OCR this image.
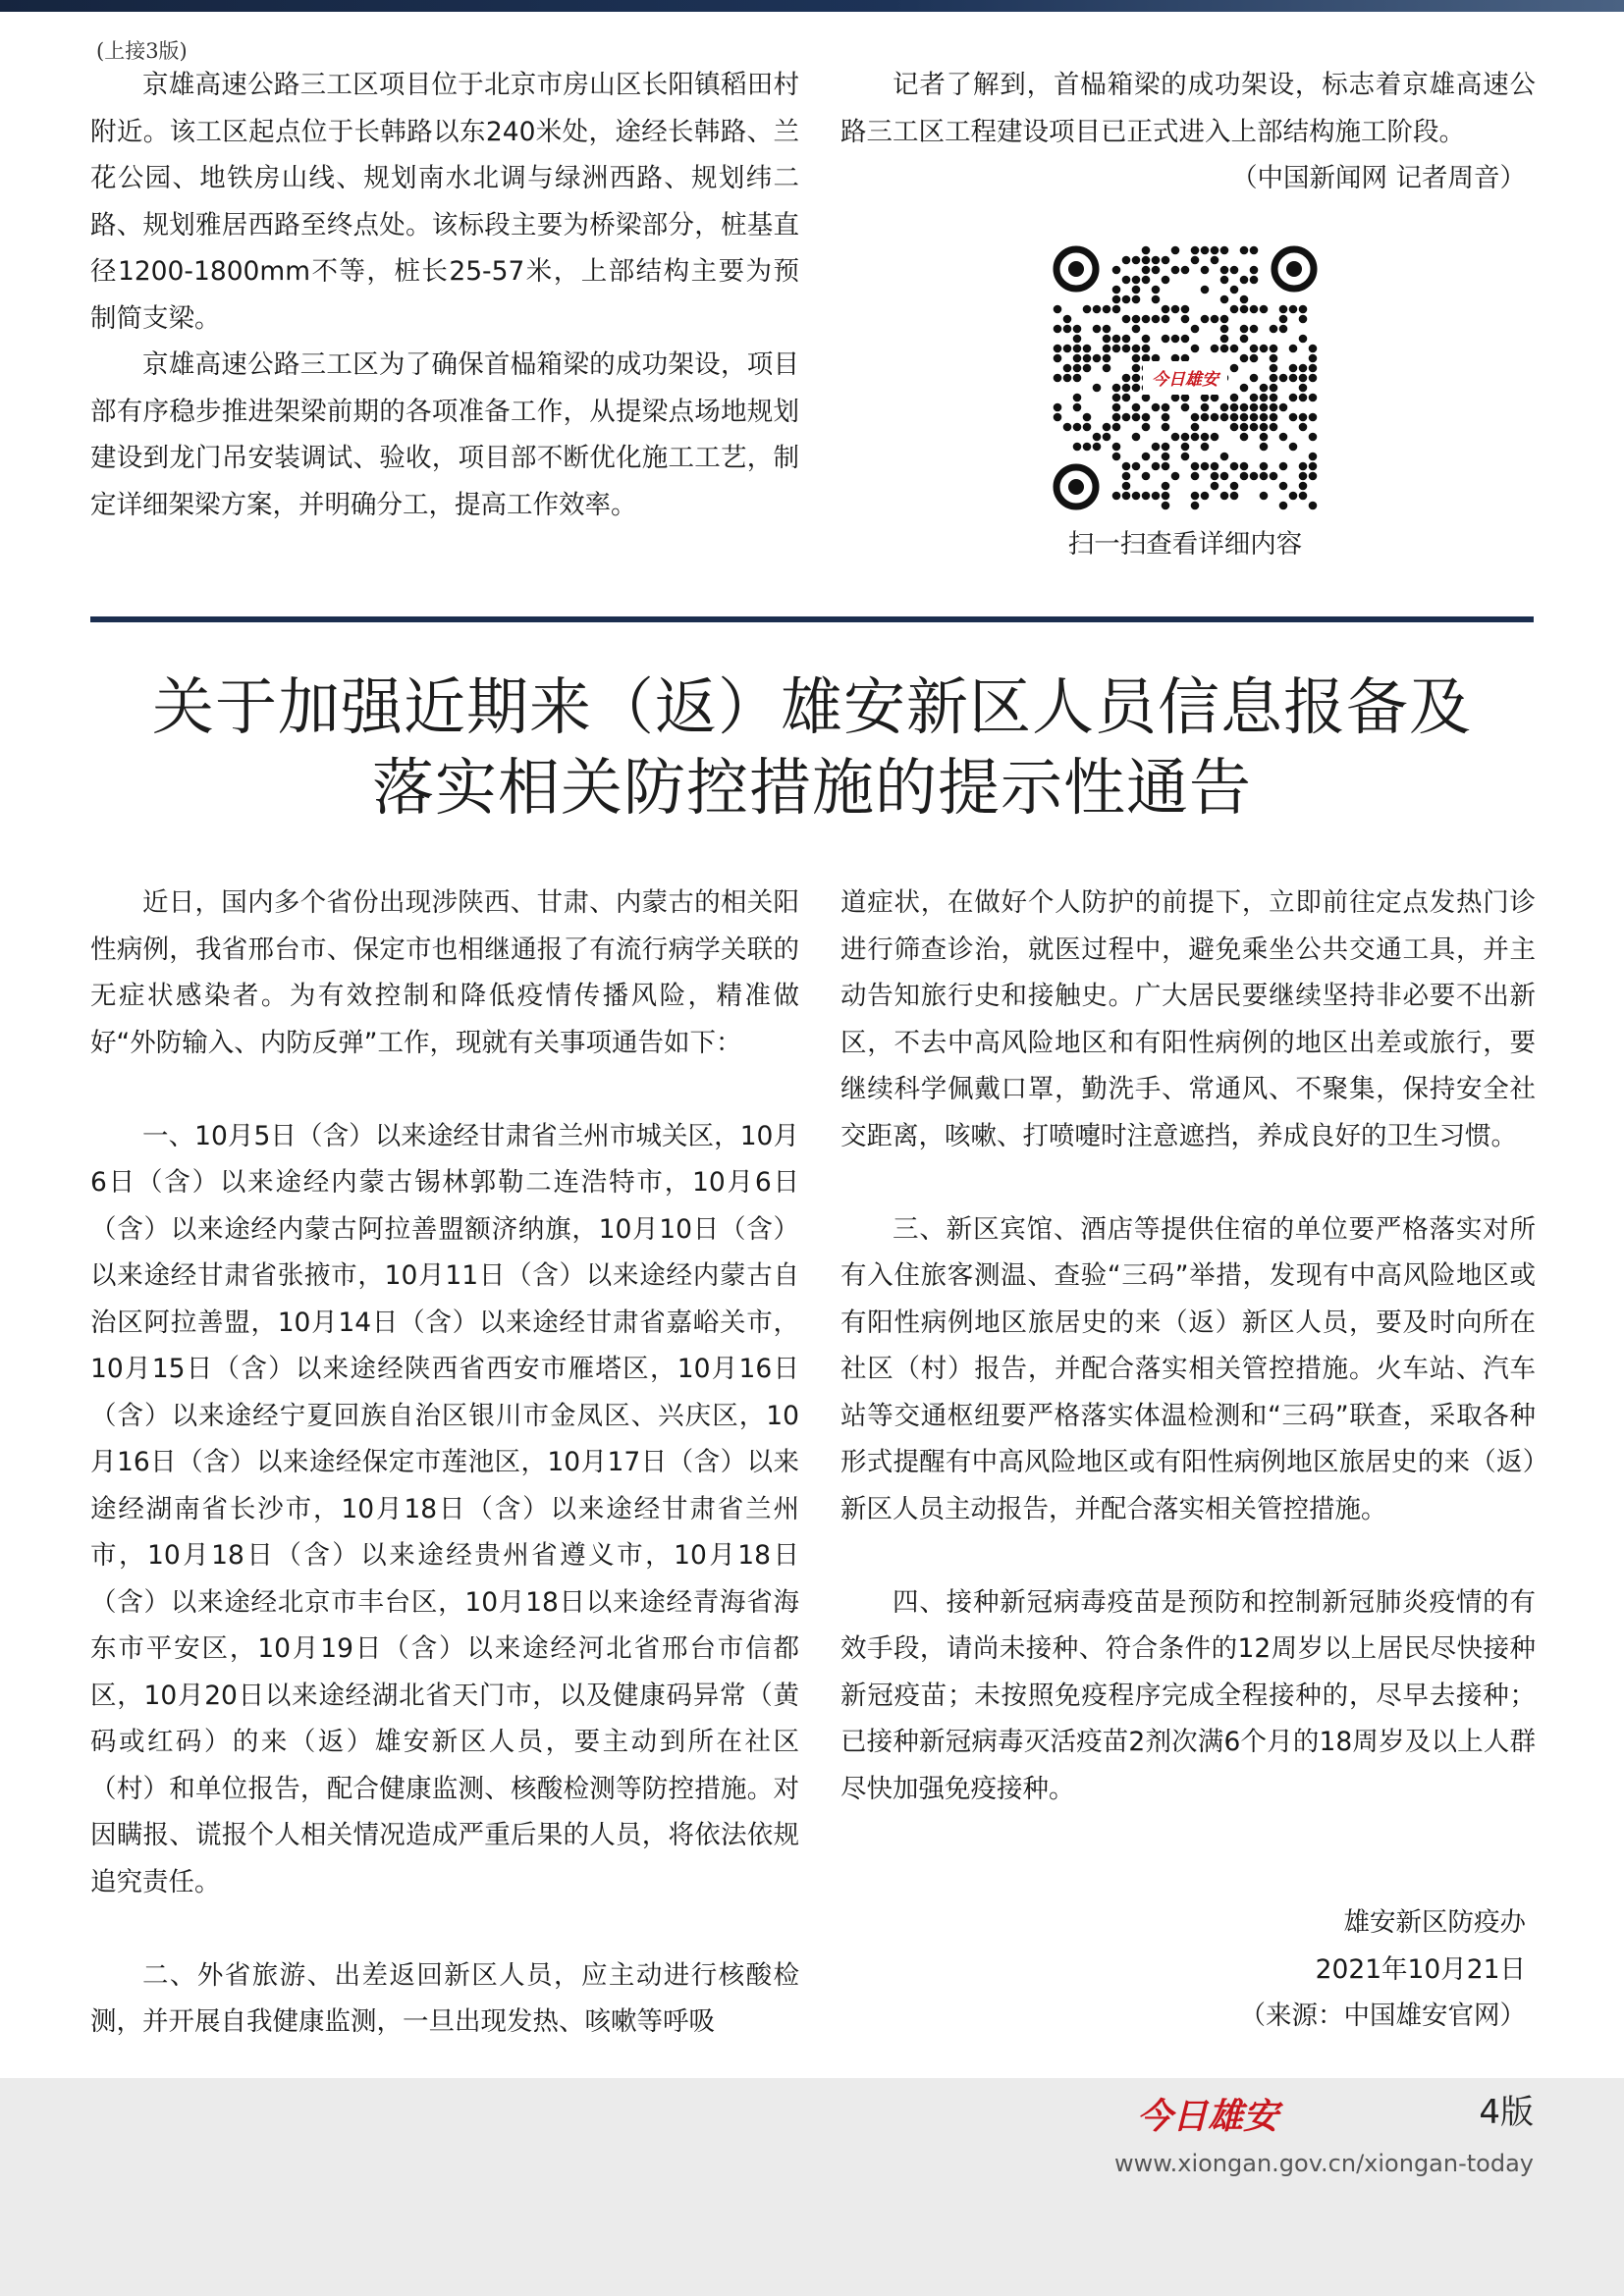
(上接3版)

京雄高速公路三工区项目位于北京市房山区长阳镇稻田村附近。该工区起点位于长韩路以东240米处，途经长韩路、兰花公园、地铁房山线、规划南水北调与绿洲西路、规划纬二路、规划雅居西路至终点处。该标段主要为桥梁部分，桩基直径1200-1800mm不等，桩长25-57米，上部结构主要为预制简支梁。

京雄高速公路三工区为了确保首榀箱梁的成功架设，项目部有序稳步推进架梁前期的各项准备工作，从提梁点场地规划建设到龙门吊安装调试、验收，项目部不断优化施工工艺，制定详细架梁方案，并明确分工，提高工作效率。

记者了解到，首榀箱梁的成功架设，标志着京雄高速公路三工区工程建设项目已正式进入上部结构施工阶段。

（中国新闻网 记者周音）

今日雄安

扫一扫查看详细内容

关于加强近期来（返）雄安新区人员信息报备及
落实相关防控措施的提示性通告

近日，国内多个省份出现涉陕西、甘肃、内蒙古的相关阳性病例，我省邢台市、保定市也相继通报了有流行病学关联的无症状感染者。为有效控制和降低疫情传播风险，精准做好“外防输入、内防反弹”工作，现就有关事项通告如下：

一、10月5日（含）以来途经甘肃省兰州市城关区，10月6日（含）以来途经内蒙古锡林郭勒二连浩特市，10月6日（含）以来途经内蒙古阿拉善盟额济纳旗，10月10日（含）以来途经甘肃省张掖市，10月11日（含）以来途经内蒙古自治区阿拉善盟，10月14日（含）以来途经甘肃省嘉峪关市，10月15日（含）以来途经陕西省西安市雁塔区，10月16日（含）以来途经宁夏回族自治区银川市金凤区、兴庆区，10月16日（含）以来途经保定市莲池区，10月17日（含）以来途经湖南省长沙市，10月18日（含）以来途经甘肃省兰州市，10月18日（含）以来途经贵州省遵义市，10月18日（含）以来途经北京市丰台区，10月18日以来途经青海省海东市平安区，10月19日（含）以来途经河北省邢台市信都区，10月20日以来途经湖北省天门市，以及健康码异常（黄码或红码）的来（返）雄安新区人员，要主动到所在社区（村）和单位报告，配合健康监测、核酸检测等防控措施。对因瞒报、谎报个人相关情况造成严重后果的人员，将依法依规追究责任。

二、外省旅游、出差返回新区人员，应主动进行核酸检测，并开展自我健康监测，一旦出现发热、咳嗽等呼吸

道症状，在做好个人防护的前提下，立即前往定点发热门诊进行筛查诊治，就医过程中，避免乘坐公共交通工具，并主动告知旅行史和接触史。广大居民要继续坚持非必要不出新区，不去中高风险地区和有阳性病例的地区出差或旅行，要继续科学佩戴口罩，勤洗手、常通风、不聚集，保持安全社交距离，咳嗽、打喷嚏时注意遮挡，养成良好的卫生习惯。

三、新区宾馆、酒店等提供住宿的单位要严格落实对所有入住旅客测温、查验“三码”举措，发现有中高风险地区或有阳性病例地区旅居史的来（返）新区人员，要及时向所在社区（村）报告，并配合落实相关管控措施。火车站、汽车站等交通枢纽要严格落实体温检测和“三码”联查，采取各种形式提醒有中高风险地区或有阳性病例地区旅居史的来（返）新区人员主动报告，并配合落实相关管控措施。

四、接种新冠病毒疫苗是预防和控制新冠肺炎疫情的有效手段，请尚未接种、符合条件的12周岁以上居民尽快接种新冠疫苗；未按照免疫程序完成全程接种的，尽早去接种；已接种新冠病毒灭活疫苗2剂次满6个月的18周岁及以上人群尽快加强免疫接种。

雄安新区防疫办
2021年10月21日
（来源：中国雄安官网）

今日雄安	4版

www.xiongan.gov.cn/xiongan-today
